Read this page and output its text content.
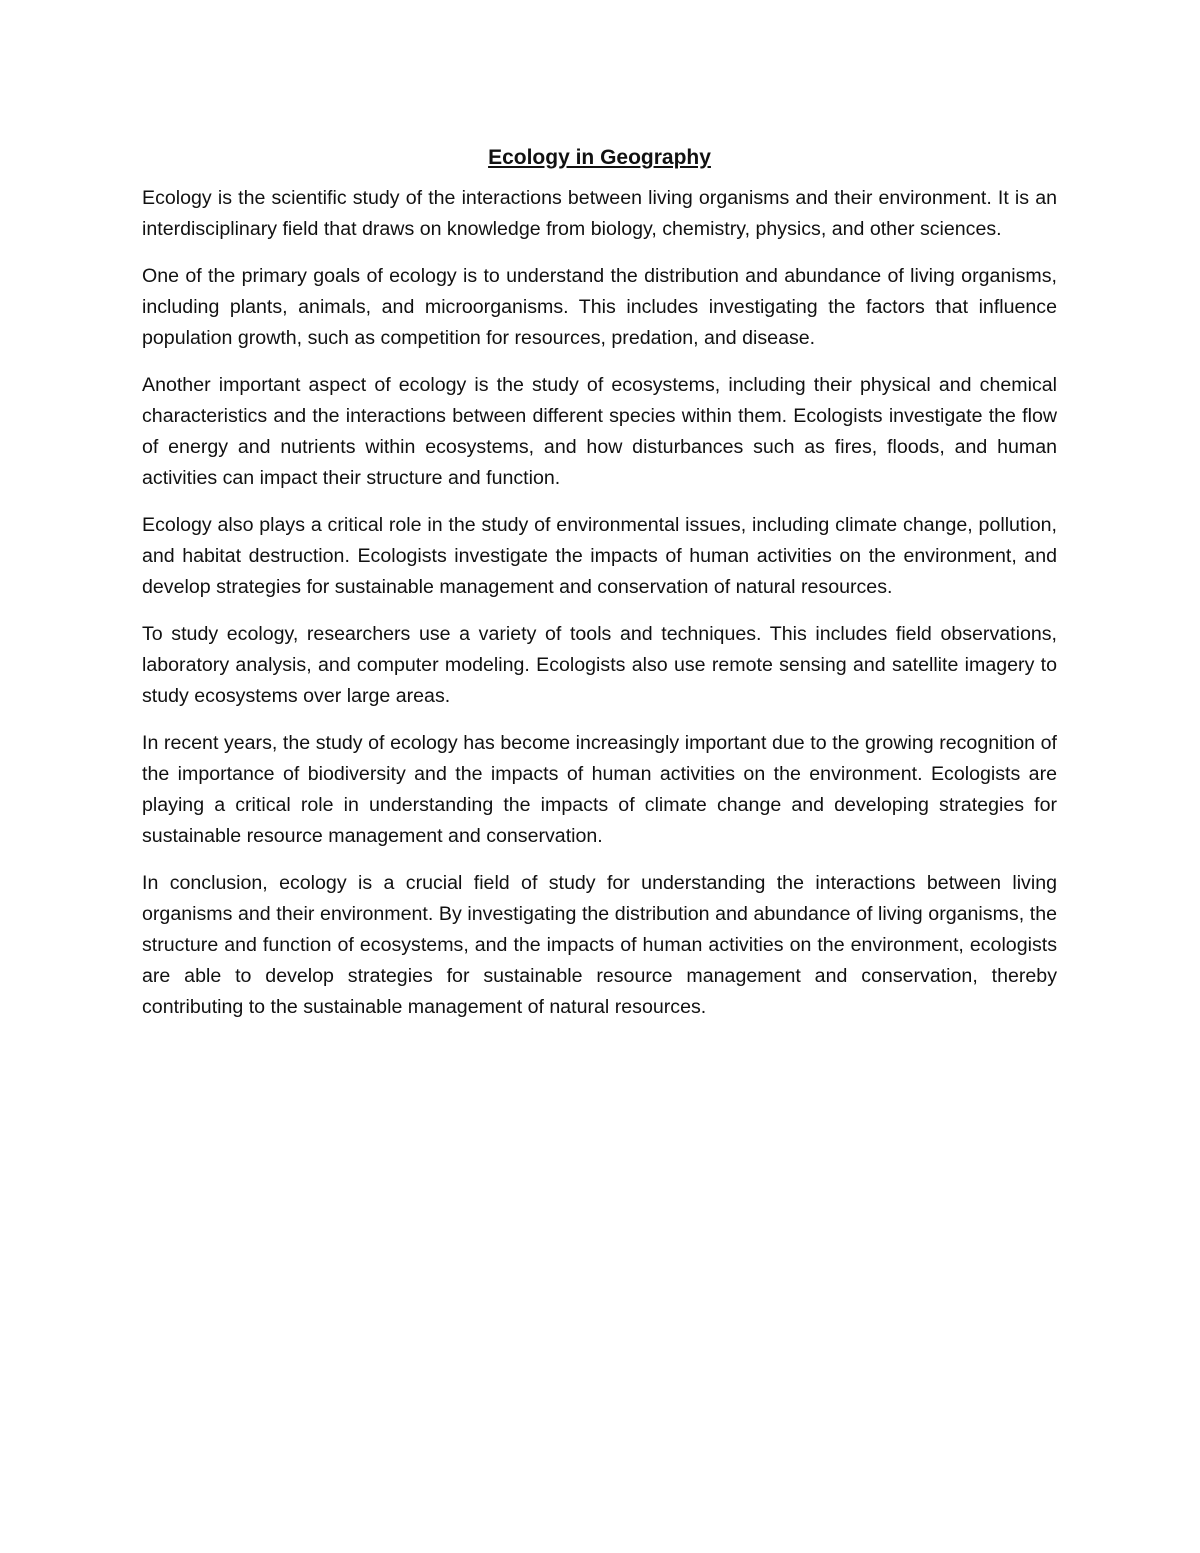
Ecology in Geography

Ecology is the scientific study of the interactions between living organisms and their environment. It is an interdisciplinary field that draws on knowledge from biology, chemistry, physics, and other sciences.

One of the primary goals of ecology is to understand the distribution and abundance of living organisms, including plants, animals, and microorganisms. This includes investigating the factors that influence population growth, such as competition for resources, predation, and disease.

Another important aspect of ecology is the study of ecosystems, including their physical and chemical characteristics and the interactions between different species within them. Ecologists investigate the flow of energy and nutrients within ecosystems, and how disturbances such as fires, floods, and human activities can impact their structure and function.

Ecology also plays a critical role in the study of environmental issues, including climate change, pollution, and habitat destruction. Ecologists investigate the impacts of human activities on the environment, and develop strategies for sustainable management and conservation of natural resources.

To study ecology, researchers use a variety of tools and techniques. This includes field observations, laboratory analysis, and computer modeling. Ecologists also use remote sensing and satellite imagery to study ecosystems over large areas.

In recent years, the study of ecology has become increasingly important due to the growing recognition of the importance of biodiversity and the impacts of human activities on the environment. Ecologists are playing a critical role in understanding the impacts of climate change and developing strategies for sustainable resource management and conservation.

In conclusion, ecology is a crucial field of study for understanding the interactions between living organisms and their environment. By investigating the distribution and abundance of living organisms, the structure and function of ecosystems, and the impacts of human activities on the environment, ecologists are able to develop strategies for sustainable resource management and conservation, thereby contributing to the sustainable management of natural resources.
